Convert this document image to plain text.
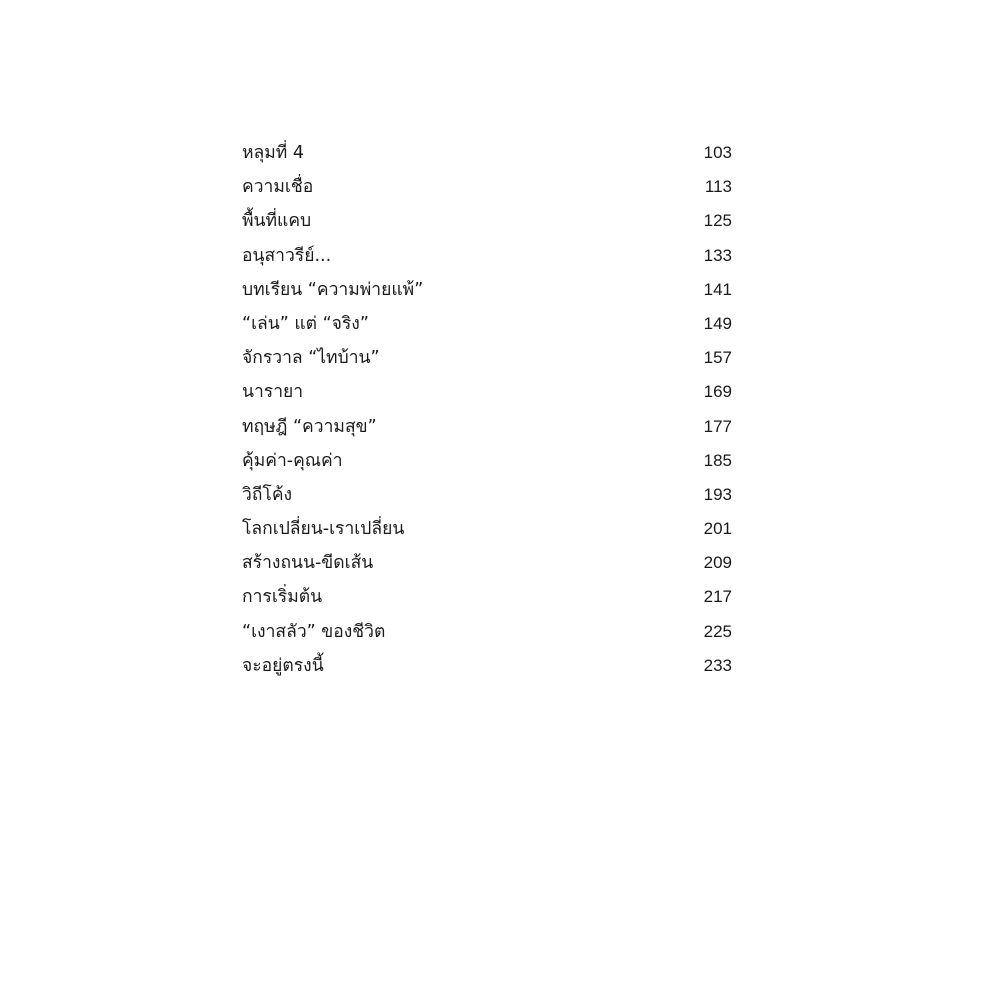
หลุมที่ 4	103
ความเชื่อ	113
พื้นที่แคบ	125
อนุสาวรีย์...	133
บทเรียน “ความพ่ายแพ้”	141
“เล่น” แต่ “จริง”	149
จักรวาล “ไทบ้าน”	157
นารายา	169
ทฤษฎี “ความสุข”	177
คุ้มค่า-คุณค่า	185
วิถีโค้ง	193
โลกเปลี่ยน-เราเปลี่ยน	201
สร้างถนน-ขีดเส้น	209
การเริ่มต้น	217
“เงาสลัว” ของชีวิต	225
จะอยู่ตรงนี้	233
